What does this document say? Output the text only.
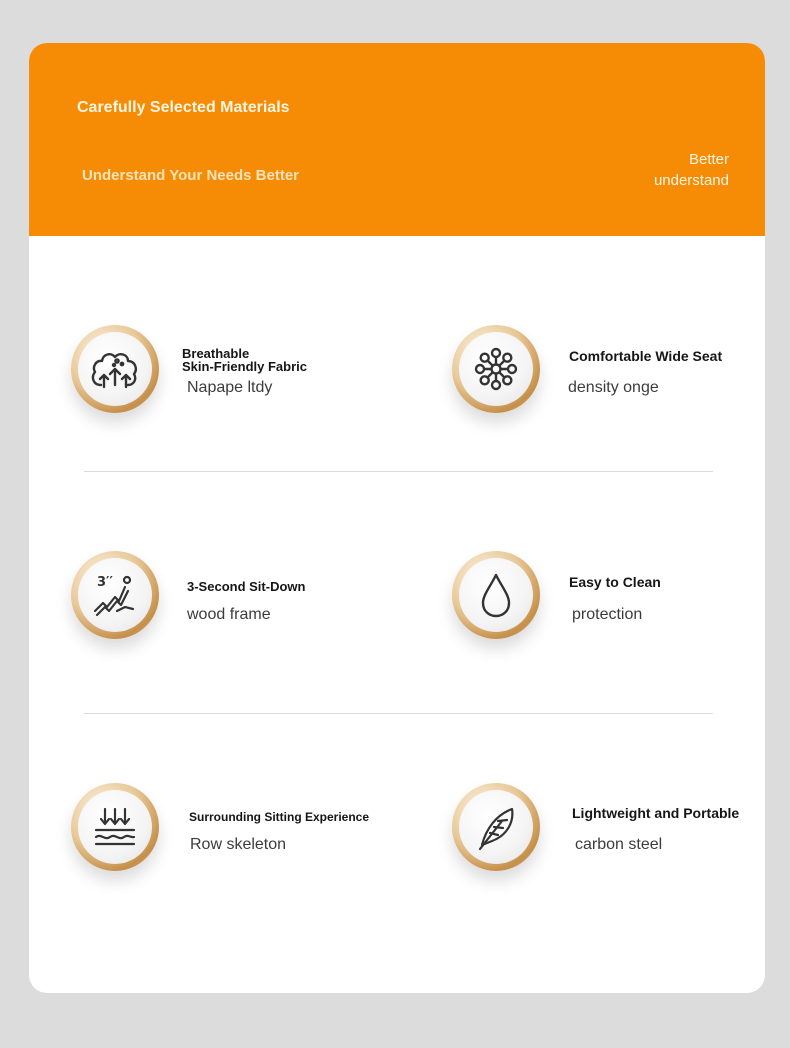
Carefully Selected Materials
Understand Your Needs Better
Better
understand
Breathable
Skin-Friendly Fabric
Napape ltdy
Comfortable Wide Seat
density onge
3′′	3-Second Sit-Down
wood frame
Easy to Clean
protection
Surrounding Sitting Experience
Row skeleton
Lightweight and Portable
carbon steel
